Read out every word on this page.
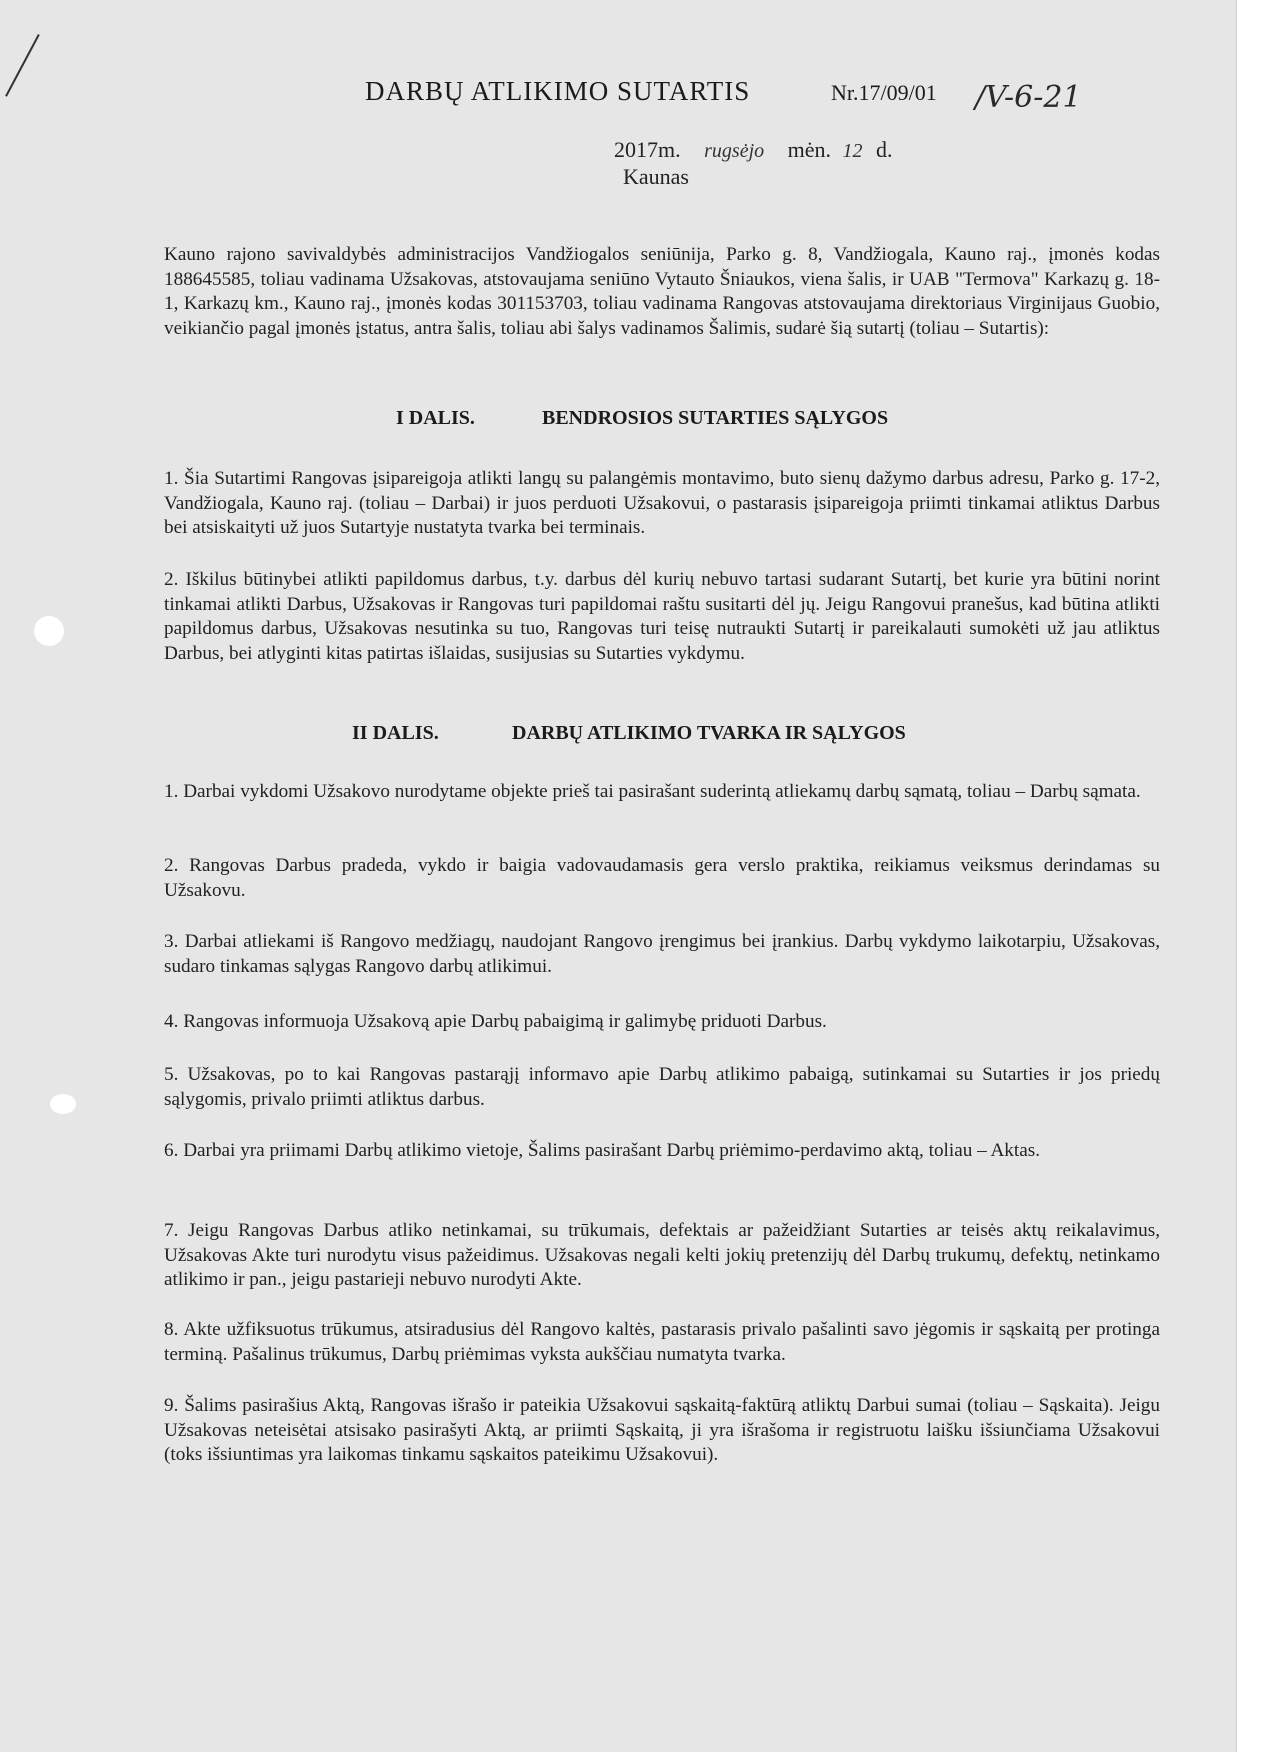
DARBŲ ATLIKIMO SUTARTIS	Nr.17/09/01 /V-6-21
2017m. rugsėjo mėn. 12 d.
Kaunas
Kauno rajono savivaldybės administracijos Vandžiogalos seniūnija, Parko g. 8, Vandžiogala, Kauno raj., įmonės kodas 188645585, toliau vadinama Užsakovas, atstovaujama seniūno Vytauto Šniaukos, viena šalis, ir UAB "Termova" Karkazų g. 18-1, Karkazų km., Kauno raj., įmonės kodas 301153703, toliau vadinama Rangovas atstovaujama direktoriaus Virginijaus Guobio, veikiančio pagal įmonės įstatus, antra šalis, toliau abi šalys vadinamos Šalimis, sudarė šią sutartį (toliau – Sutartis):
I DALIS.	BENDROSIOS SUTARTIES SĄLYGOS
1. Šia Sutartimi Rangovas įsipareigoja atlikti langų su palangėmis montavimo, buto sienų dažymo darbus adresu, Parko g. 17-2, Vandžiogala, Kauno raj. (toliau – Darbai) ir juos perduoti Užsakovui, o pastarasis įsipareigoja priimti tinkamai atliktus Darbus bei atsiskaityti už juos Sutartyje nustatyta tvarka bei terminais.
2. Iškilus būtinybei atlikti papildomus darbus, t.y. darbus dėl kurių nebuvo tartasi sudarant Sutartį, bet kurie yra būtini norint tinkamai atlikti Darbus, Užsakovas ir Rangovas turi papildomai raštu susitarti dėl jų. Jeigu Rangovui pranešus, kad būtina atlikti papildomus darbus, Užsakovas nesutinka su tuo, Rangovas turi teisę nutraukti Sutartį ir pareikalauti sumokėti už jau atliktus Darbus, bei atlyginti kitas patirtas išlaidas, susijusias su Sutarties vykdymu.
II DALIS.	DARBŲ ATLIKIMO TVARKA IR SĄLYGOS
1. Darbai vykdomi Užsakovo nurodytame objekte prieš tai pasirašant suderintą atliekamų darbų sąmatą, toliau – Darbų sąmata.
2. Rangovas Darbus pradeda, vykdo ir baigia vadovaudamasis gera verslo praktika, reikiamus veiksmus derindamas su Užsakovu.
3. Darbai atliekami iš Rangovo medžiagų, naudojant Rangovo įrengimus bei įrankius. Darbų vykdymo laikotarpiu, Užsakovas, sudaro tinkamas sąlygas Rangovo darbų atlikimui.
4. Rangovas informuoja Užsakovą apie Darbų pabaigimą ir galimybę priduoti Darbus.
5. Užsakovas, po to kai Rangovas pastarąjį informavo apie Darbų atlikimo pabaigą, sutinkamai su Sutarties ir jos priedų sąlygomis, privalo priimti atliktus darbus.
6. Darbai yra priimami Darbų atlikimo vietoje, Šalims pasirašant Darbų priėmimo-perdavimo aktą, toliau – Aktas.
7. Jeigu Rangovas Darbus atliko netinkamai, su trūkumais, defektais ar pažeidžiant Sutarties ar teisės aktų reikalavimus, Užsakovas Akte turi nurodytu visus pažeidimus. Užsakovas negali kelti jokių pretenzijų dėl Darbų trukumų, defektų, netinkamo atlikimo ir pan., jeigu pastarieji nebuvo nurodyti Akte.
8. Akte užfiksuotus trūkumus, atsiradusius dėl Rangovo kaltės, pastarasis privalo pašalinti savo jėgomis ir sąskaitą per protinga terminą. Pašalinus trūkumus, Darbų priėmimas vyksta aukščiau numatyta tvarka.
9. Šalims pasirašius Aktą, Rangovas išrašo ir pateikia Užsakovui sąskaitą-faktūrą atliktų Darbui sumai (toliau – Sąskaita). Jeigu Užsakovas neteisėtai atsisako pasirašyti Aktą, ar priimti Sąskaitą, ji yra išrašoma ir registruotu laišku išsiunčiama Užsakovui (toks išsiuntimas yra laikomas tinkamu sąskaitos pateikimu Užsakovui).
